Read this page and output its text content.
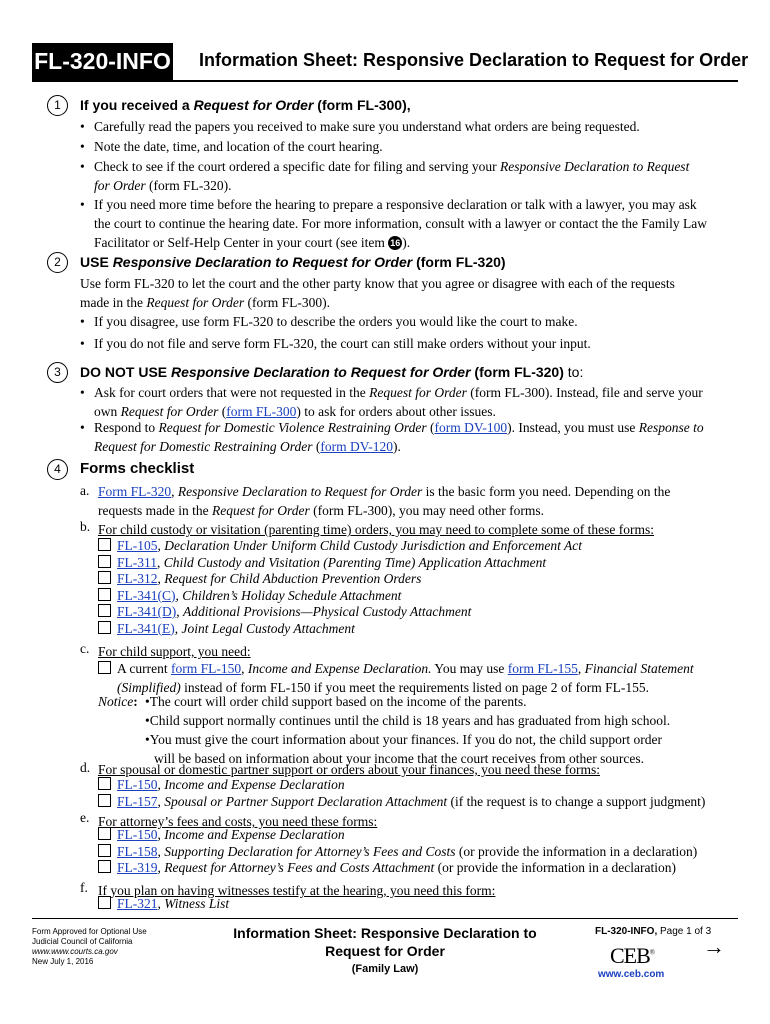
FL-320-INFO Information Sheet: Responsive Declaration to Request for Order
1	If you received a Request for Order (form FL-300),
• Carefully read the papers you received to make sure you understand what orders are being requested.
• Note the date, time, and location of the court hearing.
• Check to see if the court ordered a specific date for filing and serving your Responsive Declaration to Request
for Order (form FL-320).
• If you need more time before the hearing to prepare a responsive declaration or talk with a lawyer, you may ask
the court to continue the hearing date. For more information, consult with a lawyer or contact the the Family Law
Facilitator or Self-Help Center in your court (see item 16 ).
2	USE Responsive Declaration to Request for Order (form FL-320)
Use form FL-320 to let the court and the other party know that you agree or disagree with each of the requests
made in the Request for Order (form FL-300).
• If you disagree, use form FL-320 to describe the orders you would like the court to make.
• If you do not file and serve form FL-320, the court can still make orders without your input.
3	DO NOT USE Responsive Declaration to Request for Order (form FL-320) to:
• Ask for court orders that were not requested in the Request for Order (form FL-300). Instead, file and serve your
own Request for Order (form FL-300) to ask for orders about other issues.
• Respond to Request for Domestic Violence Restraining Order (form DV-100). Instead, you must use Response to
Request for Domestic Restraining Order (form DV-120).
4	Forms checklist
a. Form FL-320, Responsive Declaration to Request for Order is the basic form you need. Depending on the
requests made in the Request for Order (form FL-300), you may need other forms.
b. For child custody or visitation (parenting time) orders, you may need to complete some of these forms:
FL-105, Declaration Under Uniform Child Custody Jurisdiction and Enforcement Act
FL-311, Child Custody and Visitation (Parenting Time) Application Attachment
FL-312, Request for Child Abduction Prevention Orders
FL-341(C), Children’s Holiday Schedule Attachment
FL-341(D), Additional Provisions—Physical Custody Attachment
FL-341(E), Joint Legal Custody Attachment
c. For child support, you need:
A current form FL-150, Income and Expense Declaration. You may use form FL-155, Financial Statement
(Simplified) instead of form FL-150 if you meet the requirements listed on page 2 of form FL-155.
Notice: •The court will order child support based on the income of the parents.
•Child support normally continues until the child is 18 years and has graduated from high school.
•You must give the court information about your finances. If you do not, the child support order
will be based on information about your income that the court receives from other sources.
d. For spousal or domestic partner support or orders about your finances, you need these forms:
FL-150, Income and Expense Declaration
FL-157, Spousal or Partner Support Declaration Attachment (if the request is to change a support judgment)
e. For attorney’s fees and costs, you need these forms:
FL-150, Income and Expense Declaration
FL-158, Supporting Declaration for Attorney’s Fees and Costs (or provide the information in a declaration)
FL-319, Request for Attorney’s Fees and Costs Attachment (or provide the information in a declaration)
f. If you plan on having witnesses testify at the hearing, you need this form:
FL-321, Witness List
Form Approved for Optional Use
Judicial Council of California
www.www.courts.ca.gov
New July 1, 2016
Information Sheet: Responsive Declaration to
Request for Order
(Family Law)
FL-320-INFO, Page 1 of 3
→
CEB®
www.ceb.com
